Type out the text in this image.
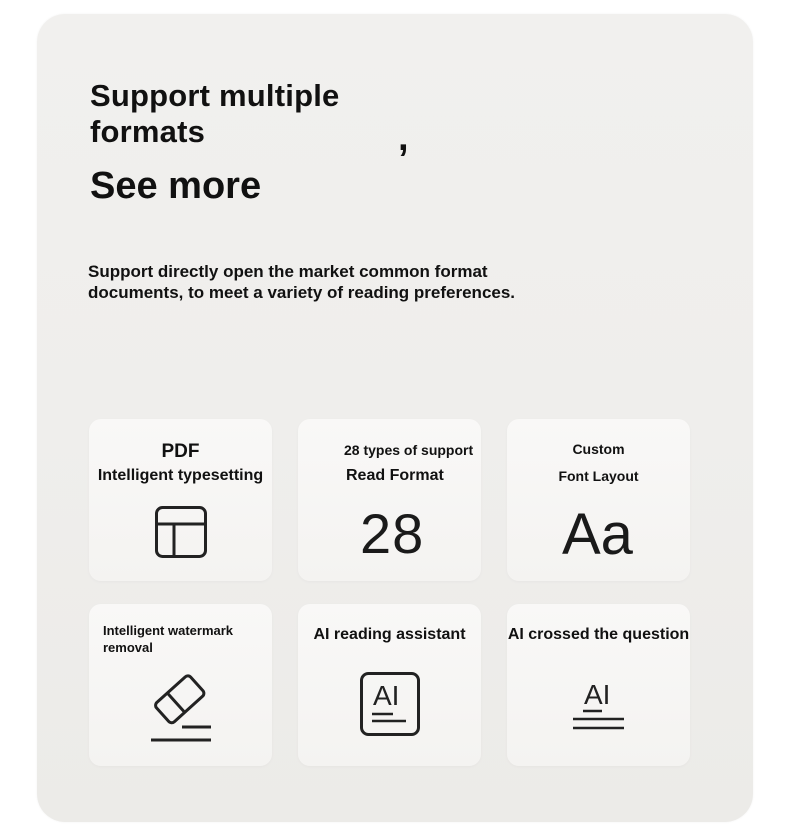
Support multiple formats	,
See more

Support directly open the market common format documents, to meet a variety of reading preferences.

PDF
Intelligent typesetting
28 types of support
Read Format
28
Custom
Font Layout
Aa
Intelligent watermark removal
AI reading assistant
AI
AI crossed the question
AI
